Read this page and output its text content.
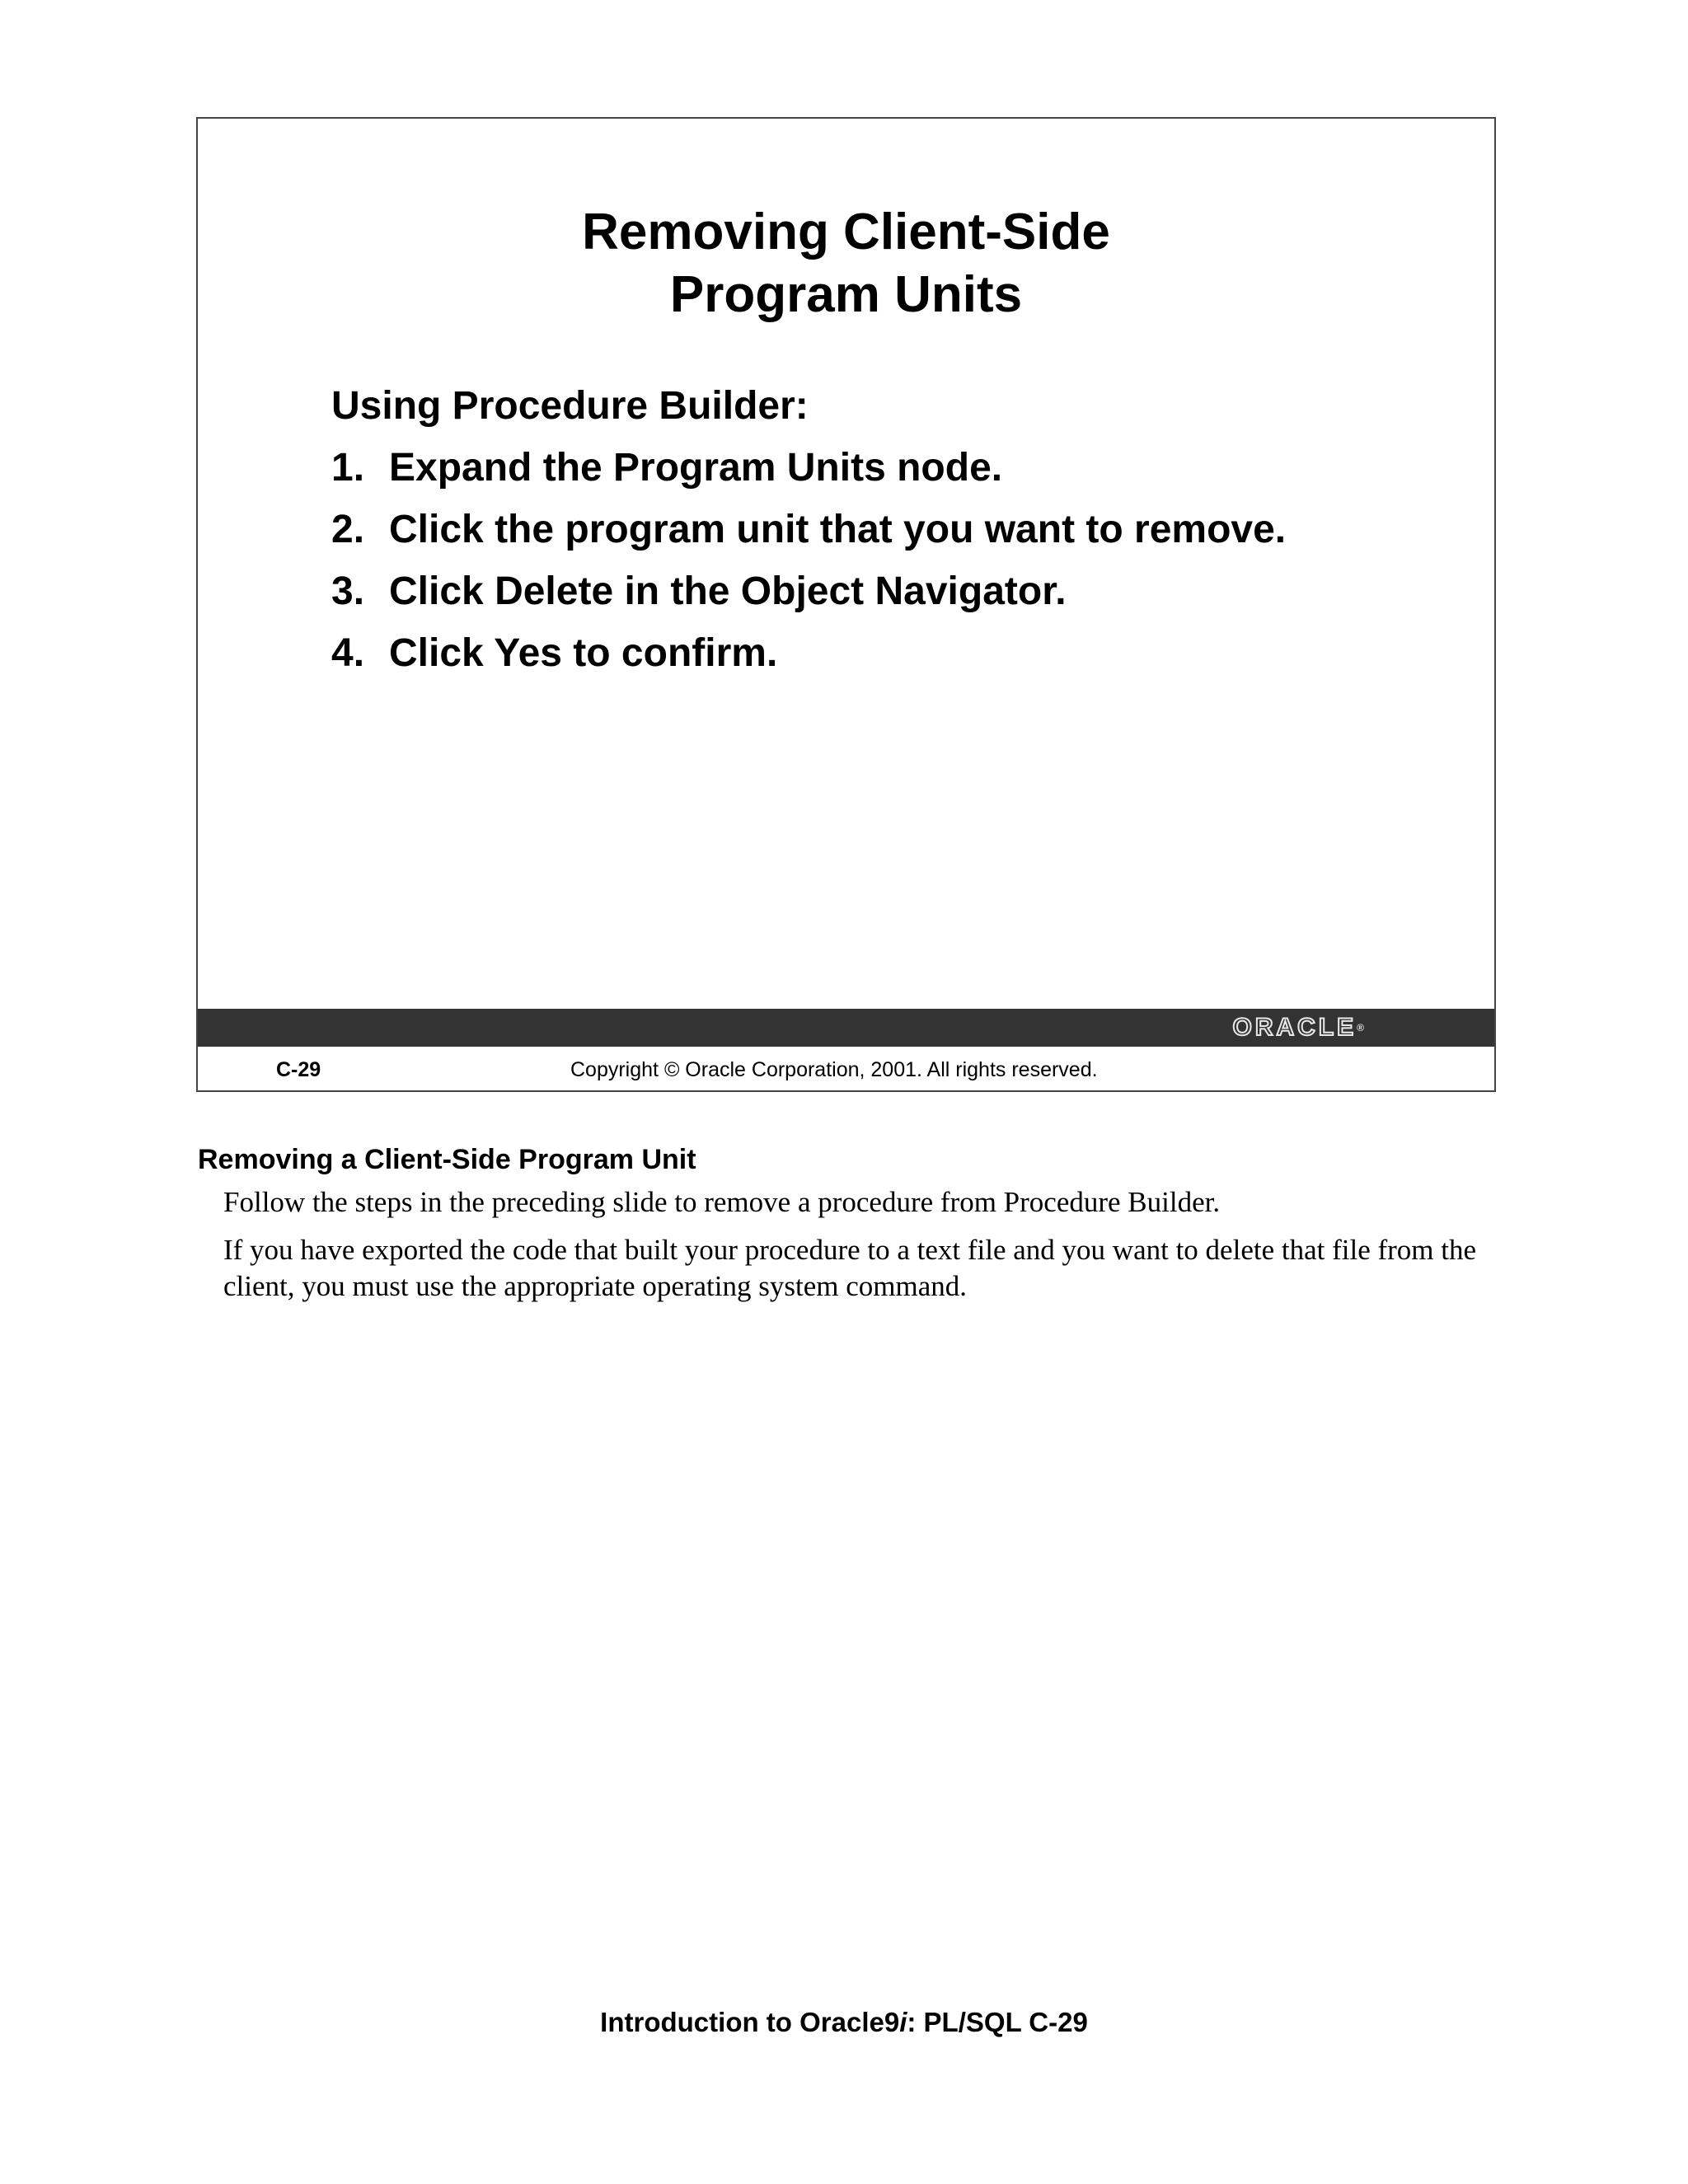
Removing Client-Side
Program Units
Using Procedure Builder:
1. Expand the Program Units node.
2. Click the program unit that you want to remove.
3. Click Delete in the Object Navigator.
4. Click Yes to confirm.
ORACLE®
C-29	Copyright © Oracle Corporation, 2001. All rights reserved.
Removing a Client-Side Program Unit

Follow the steps in the preceding slide to remove a procedure from Procedure Builder.

If you have exported the code that built your procedure to a text file and you want to delete that file from the client, you must use the appropriate operating system command.

Introduction to Oracle9i: PL/SQL C-29
